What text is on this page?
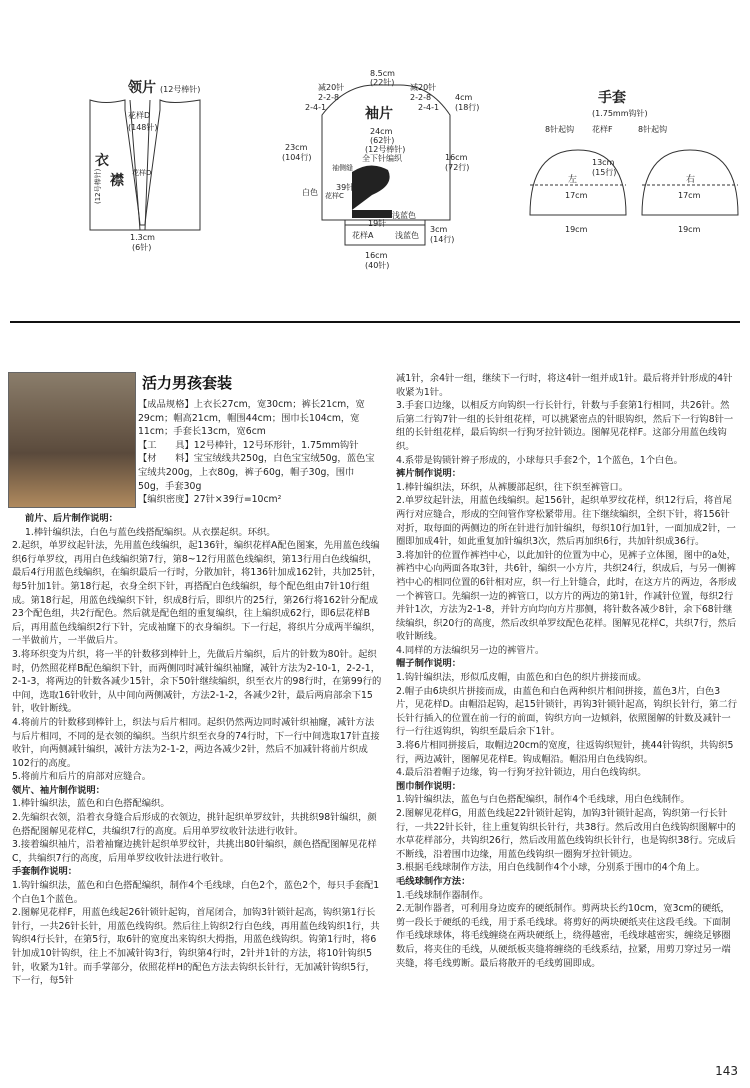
领片 (12号棒针)
花样D
(148针)
衣
襟
(12号棒针)	花样D
1.3cm
(6针)
8.5cm
(22针)
减20针
2-2-8
2-4-1
减20针
2-2-8
2-4-1
4cm
(18行)
袖片
24cm
(62针)
(12号棒针)
全下针编织
23cm
(104行)	16cm
(72行)
袖侧缝
白色 花样C
39针
19针
浅蓝色
花样A	浅蓝色
3cm
(14行)
16cm
(40针)
手套
(1.75mm钩针)
8针起钩 花样F	8针起钩
13cm
(15行)
左	右
17cm	17cm
19cm	19cm
活力男孩套装

【成品规格】上衣长27cm，宽30cm；裤长21cm，宽29cm；帽高21cm，帽围44cm；围巾长104cm，宽11cm；手套长13cm，宽6cm

【工　　具】12号棒针，12号环形针，1.75mm钩针

【材　　料】宝宝绒线共250g，白色宝宝绒50g，蓝色宝宝绒共200g，上衣80g，裤子60g，帽子30g，围巾50g，手套30g

【编织密度】27针×39行=10cm²

前片、后片制作说明：

1.棒针编织法，白色与蓝色线搭配编织。从衣摆起织。环织。

2.起织，单罗纹起针法，先用蓝色线编织，起136针，编织花样A配色图案，先用蓝色线编织6行单罗纹，再用白色线编织第7行，第8~12行用蓝色线编织，第13行用白色线编织，最后4行用蓝色线编织，在编织最后一行时，分散加针，将136针加成162针，共加25针，每5针加1针。第18行起，衣身全织下针，再搭配白色线编织，每个配色组由7针10行组成。第18行起，用蓝色线编织下针，织成8行后，即织片的25行，第26行将162针分配成23个配色组，共2行配色。然后就是配色组的重复编织，往上编织成62行，即6层花样B后，再用蓝色线编织2行下针，完成袖窿下的衣身编织。下一行起，将织片分成两半编织，一半做前片，一半做后片。

3.将环织变为片织，将一半的针数移到棒针上，先做后片编织，后片的针数为80针。起织时，仍然照花样B配色编织下针，而两侧同时减针编织袖窿，减针方法为2-10-1，2-2-1，2-1-3，将两边的针数各减少15针，余下50针继续编织，织至衣片的98行时，在第99行的中间，选取16针收针，从中间向两侧减针，方法2-1-2，各减少2针，最后两肩部余下15针，收针断线。

4.将前片的针数移到棒针上，织法与后片相同。起织仍然两边同时减针织袖窿，减针方法与后片相同，不同的是衣领的编织。当织片织至衣身的74行时，下一行中间选取17针直接收针，向两侧减针编织，减针方法为2-1-2，两边各减少2针，然后不加减针将前片织成102行的高度。

5.将前片和后片的肩部对应缝合。

领片、袖片制作说明：

1.棒针编织法，蓝色和白色搭配编织。

2.先编织衣领，沿着衣身缝合后形成的衣领边，挑针起织单罗纹针，共挑织98针编织，颜色搭配图解见花样C，共编织7行的高度。后用单罗纹收针法进行收针。

3.接着编织袖片，沿着袖窿边挑针起织单罗纹针，共挑出80针编织，颜色搭配图解见花样C，共编织7行的高度，后用单罗纹收针法进行收针。

手套制作说明：

1.钩针编织法，蓝色和白色搭配编织，制作4个毛线球，白色2个，蓝色2个，每只手套配1个白色1个蓝色。

2.图解见花样F，用蓝色线起26针锁针起钩，首尾闭合，加钩3针锁针起高，钩织第1行长针行，一共26针长针，用蓝色线钩织。然后往上钩织2行白色线，再用蓝色线钩织1行，共钩织4行长针，在第5行，取6针的宽度出来钩织大拇指，用蓝色线钩织。钩第1行时，将6针加成10针钩织，往上不加减针钩3行，钩织第4行时，2针并1针的方法，将10针钩织5针，收紧为1针。而手掌部分，依照花样H的配色方法去钩织长针行，无加减针钩织5行，下一行，每5针

减1针，余4针一组，继续下一行时，将这4针一组并成1针。最后将并针形成的4针收紧为1针。

3.手套口边缘，以相反方向钩织一行长针行，针数与手套第1行相同，共26针。然后第二行钩7针一组的长针组花样，可以挑紧密点的针眼钩织，然后下一行钩8针一组的长针组花样，最后钩织一行狗牙拉针锁边。图解见花样F。这部分用蓝色线钩织。

4.系带是钩锁针辫子形成的，小球每只手套2个，1个蓝色，1个白色。

裤片制作说明：

1.棒针编织法，环织，从裤腰部起织，往下织至裤管口。

2.单罗纹起针法，用蓝色线编织。起156针，起织单罗纹花样，织12行后，将首尾两行对应缝合，形成的空间管作穿松紧带用。往下继续编织，全织下针，将156针对折，取每面的两侧边的所在针进行加针编织，每织10行加1针，一面加成2针，一圈即加成4针，如此重复加针编织3次，然后再加织6行，共加针织成36行。

3.将加针的位置作裤裆中心，以此加针的位置为中心，见裤子立体图，图中的a处，裤裆中心向两面各取3针，共6针，编织一小方片，共织24行，织成后，与另一侧裤裆中心的相同位置的6针相对应，织一行上针缝合，此时，在这方片的两边，各形成一个裤管口。先编织一边的裤管口，以方片的两边的第1针，作减针位置，每织2行并针1次，方法为2-1-8，并针方向均向方片那侧，将针数各减少8针，余下68针继续编织，织20行的高度，然后改织单罗纹配色花样。图解见花样C，共织7行，然后收针断线。

4.同样的方法编织另一边的裤管片。

帽子制作说明：

1.钩针编织法，形似瓜皮帽，由蓝色和白色的织片拼接而成。

2.帽子由6块织片拼接而成，由蓝色和白色两种织片相间拼接，蓝色3片，白色3片，见花样D。由帽沿起钩，起15针锁针，再钩3针锁针起高，钩织长针行，第二行长针行插入的位置在前一行的前面，钩织方向一边倾斜，依照图解的针数及减针一行一行往返钩织，钩织至最后余下1针。

3.将6片相同拼接后，取帽边20cm的宽度，往返钩织短针，挑44针钩织，共钩织5行，两边减针，图解见花样E。钩成帽沿。帽沿用白色线钩织。

4.最后沿着帽子边缘，钩一行狗牙拉针锁边，用白色线钩织。

围巾制作说明：

1.钩针编织法，蓝色与白色搭配编织，制作4个毛线球，用白色线制作。

2.图解见花样G，用蓝色线起22针锁针起钩，加钩3针锁针起高，钩织第一行长针行，一共22针长针，往上重复钩织长针行，共38行。然后改用白色线钩织图解中的水草花样部分，共钩织26行，然后改用蓝色线钩织长针行，也是钩织38行。完成后不断线，沿着围巾边缘，用蓝色线钩织一圈狗牙拉针锁边。

3.根据毛线球制作方法，用白色线制作4个小球，分别系于围巾的4个角上。

毛线球制作方法：

1.毛线球制作器制作。

2.无制作器者，可利用身边废弃的硬纸制作。剪两块长约10cm，宽3cm的硬纸，剪一段长于硬纸的毛线，用于系毛线球。将剪好的两块硬纸夹住这段毛线。下面制作毛线球球体，将毛线缠绕在两块硬纸上，绕得越密，毛线球越密实，缠绕足够圈数后，将夹住的毛线，从硬纸板夹缝将缠绕的毛线系结，拉紧，用剪刀穿过另一端夹缝，将毛线剪断。最后将散开的毛线剪圆即成。

143
